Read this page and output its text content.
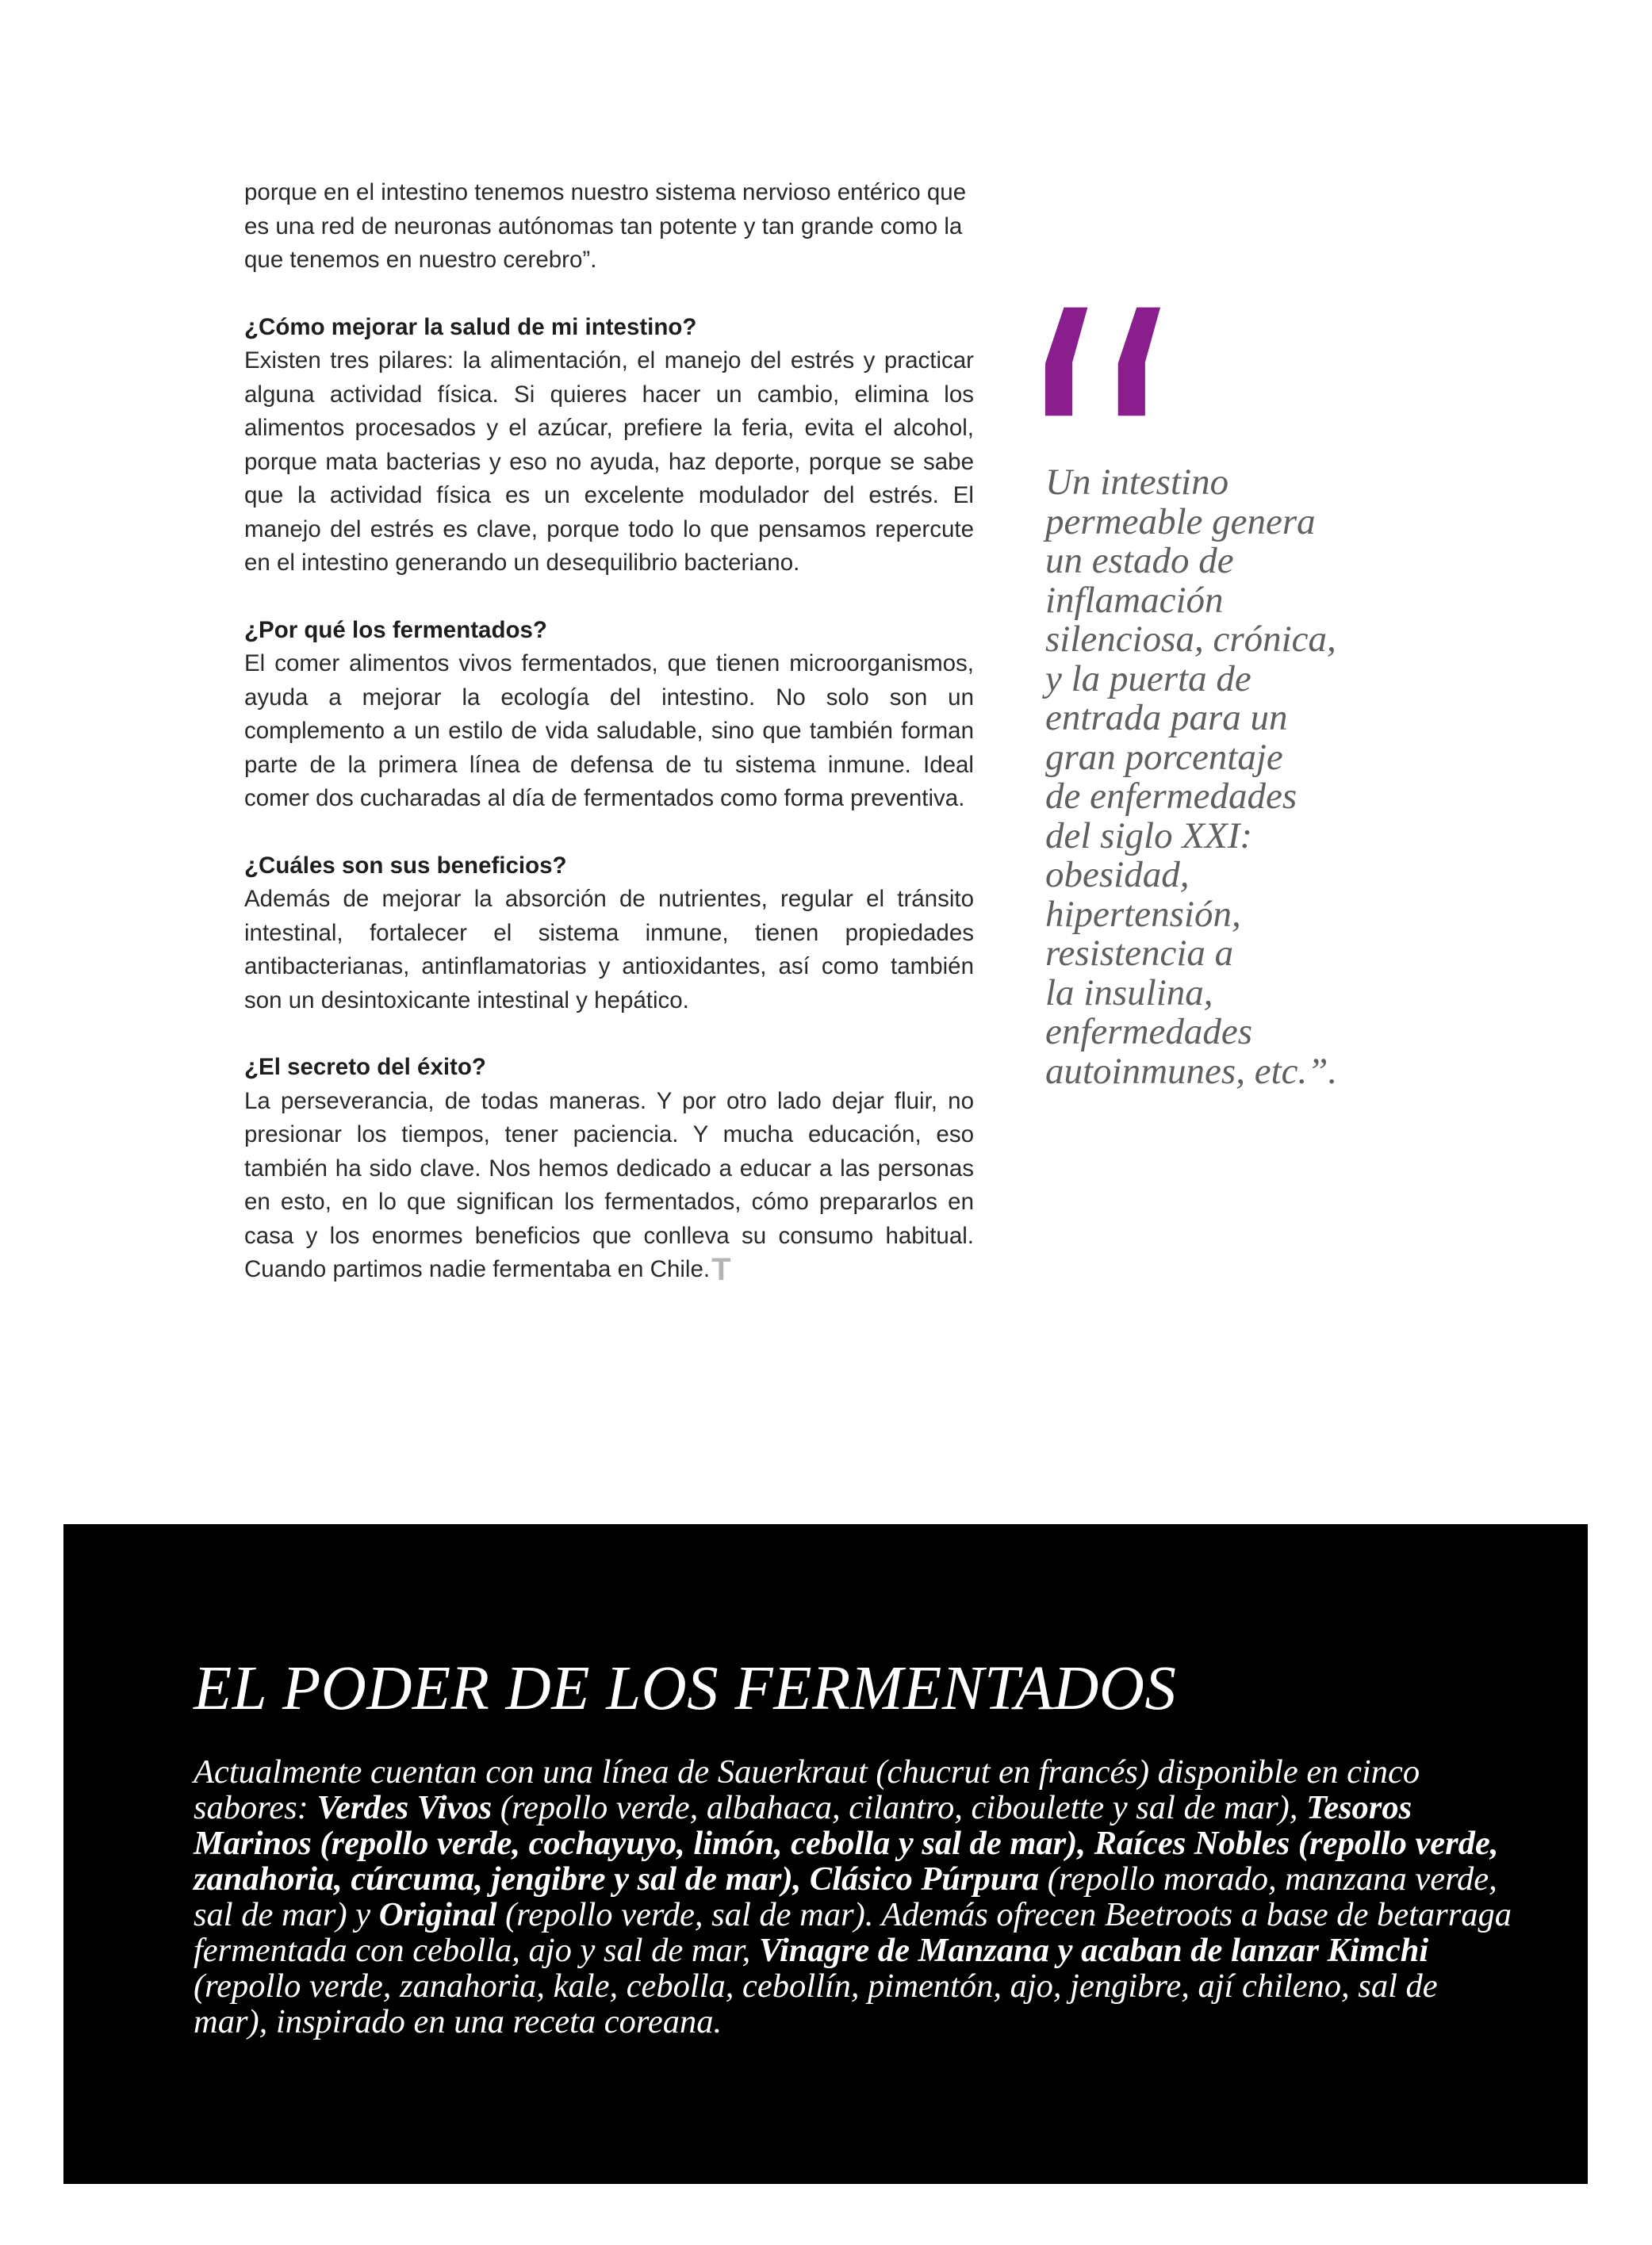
porque en el intestino tenemos nuestro sistema nervioso entérico que es una red de neuronas autónomas tan potente y tan grande como la que tenemos en nuestro cerebro”.

¿Cómo mejorar la salud de mi intestino?

Existen tres pilares: la alimentación, el manejo del estrés y practicar alguna actividad física. Si quieres hacer un cambio, elimina los alimentos procesados y el azúcar, prefiere la feria, evita el alcohol, porque mata bacterias y eso no ayuda, haz deporte, porque se sabe que la actividad física es un excelente modulador del estrés. El manejo del estrés es clave, porque todo lo que pensamos repercute en el intestino generando un desequilibrio bacteriano.

¿Por qué los fermentados?

El comer alimentos vivos fermentados, que tienen microorganismos, ayuda a mejorar la ecología del intestino. No solo son un complemento a un estilo de vida saludable, sino que también forman parte de la primera línea de defensa de tu sistema inmune. Ideal comer dos cucharadas al día de fermentados como forma preventiva.

¿Cuáles son sus beneficios?

Además de mejorar la absorción de nutrientes, regular el tránsito intestinal, fortalecer el sistema inmune, tienen propiedades antibacterianas, antinflamatorias y antioxidantes, así como también son un desintoxicante intestinal y hepático.

¿El secreto del éxito?

La perseverancia, de todas maneras. Y por otro lado dejar fluir, no presionar los tiempos, tener paciencia. Y mucha educación, eso también ha sido clave. Nos hemos dedicado a educar a las personas en esto, en lo que significan los fermentados, cómo prepararlos en casa y los enormes beneficios que conlleva su consumo habitual. Cuando partimos nadie fermentaba en Chile.T

Un intestino
permeable genera
un estado de
inflamación
silenciosa, crónica,
y la puerta de
entrada para un
gran porcentaje
de enfermedades
del siglo XXI:
obesidad,
hipertensión,
resistencia a
la insulina,
enfermedades
autoinmunes, etc.”.

EL PODER DE LOS FERMENTADOS

Actualmente cuentan con una línea de Sauerkraut (chucrut en francés) disponible en cinco sabores: Verdes Vivos (repollo verde, albahaca, cilantro, ciboulette y sal de mar), Tesoros Marinos (repollo verde, cochayuyo, limón, cebolla y sal de mar), Raíces Nobles (repollo verde, zanahoria, cúrcuma, jengibre y sal de mar), Clásico Púrpura (repollo morado, manzana verde, sal de mar) y Original (repollo verde, sal de mar). Además ofrecen Beetroots a base de betarraga fermentada con cebolla, ajo y sal de mar, Vinagre de Manzana y acaban de lanzar Kimchi (repollo verde, zanahoria, kale, cebolla, cebollín, pimentón, ajo, jengibre, ají chileno, sal de mar), inspirado en una receta coreana.
